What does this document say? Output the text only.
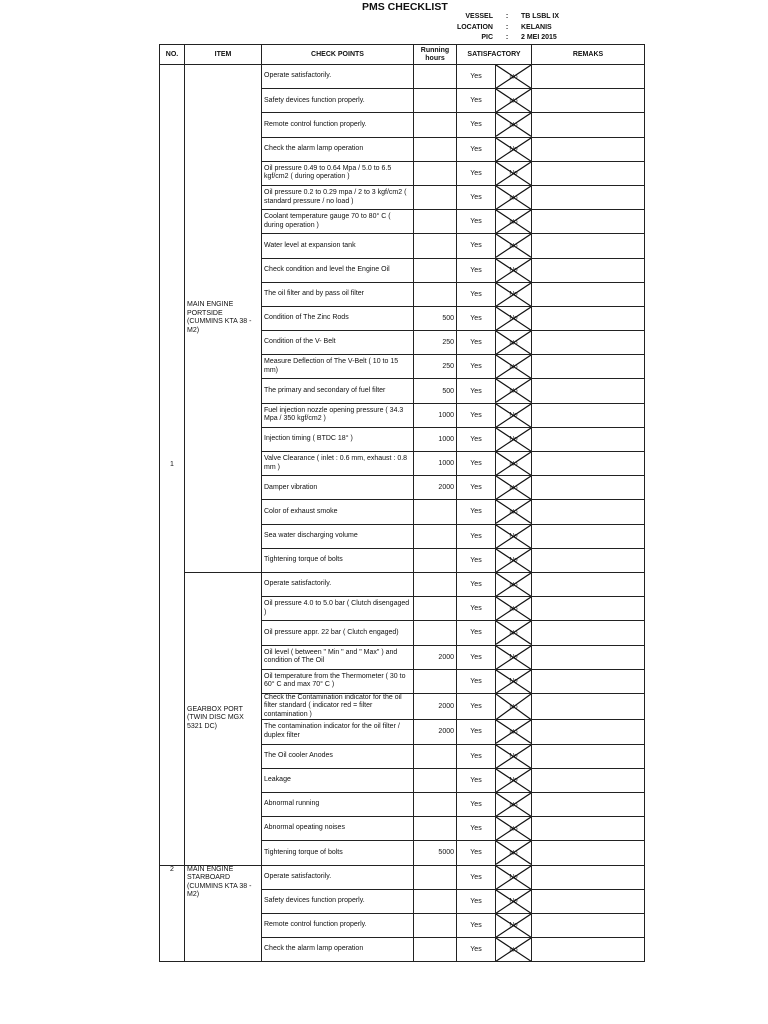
PMS CHECKLIST
VESSEL	:	TB LSBL IX
LOCATION	:	KELANIS
PIC	:	2 MEI 2015
NO.	ITEM	CHECK POINTS	Running hours	SATISFACTORY		REMAKS
1	MAIN ENGINE PORTSIDE (CUMMINS KTA 38 - M2)	Operate satisfactorily.		Yes	No	

		Safety devices function properly.		Yes	No	

		Remote control function properly.		Yes	No	

		Check the alarm lamp operation		Yes	No	

		Oil pressure 0.49 to 0.64 Mpa / 5.0 to 6.5 kgf/cm2 ( during operation )		Yes	No	

		Oil pressure 0.2 to 0.29 mpa / 2 to 3 kgf/cm2 ( standard pressure / no load )		Yes	No	

		Coolant temperature gauge 70 to 80° C ( during operation )		Yes	No	

		Water level at expansion tank		Yes	No	

		Check condition and level the Engine Oil		Yes	No	

		The oil filter and by pass oil filter		Yes	No	

		Condition of The Zinc Rods	500	Yes	No	

		Condition of the V- Belt	250	Yes	No	

		Measure Deflection of The V-Belt ( 10 to 15 mm)	250	Yes	No	

		The primary and secondary of fuel filter	500	Yes	No	

		Fuel injection nozzle opening pressure ( 34.3 Mpa / 350 kgf/cm2 )	1000	Yes	No	

		Injection timing ( BTDC 18° )	1000	Yes	No	

		Valve Clearance ( inlet : 0.6 mm, exhaust : 0.8 mm )	1000	Yes	No	

		Damper vibration	2000	Yes	No	

		Color of exhaust smoke		Yes	No	

		Sea water discharging volume		Yes	No	

		Tightening torque of bolts		Yes	No	

	GEARBOX PORT (TWIN DISC MGX 5321 DC)	Operate satisfactorily.		Yes	No	

		Oil pressure 4.0 to 5.0 bar ( Clutch disengaged )		Yes	No	

		Oil pressure appr. 22 bar ( Clutch engaged)		Yes	No	

		Oil level ( between " Min " and " Max" ) and condition of The Oil	2000	Yes	No	

		Oil temperature from the Thermometer ( 30 to 60° C and max 70° C )		Yes	No	

		Check the Contamination indicator for the oil filter standard ( indicator red = filter contamination )	2000	Yes	No	

		The contamination indicator for the oil filter / duplex filter	2000	Yes	No	

		The Oil cooler Anodes		Yes	No	

		Leakage		Yes	No	

		Abnormal running		Yes	No	

		Abnormal opeating noises		Yes	No	

		Tightening torque of bolts	5000	Yes	No	

2	MAIN ENGINE STARBOARD (CUMMINS KTA 38 - M2)	Operate satisfactorily.		Yes	No	

		Safety devices function properly.		Yes	No	

		Remote control function properly.		Yes	No	

		Check the alarm lamp operation		Yes	No	
